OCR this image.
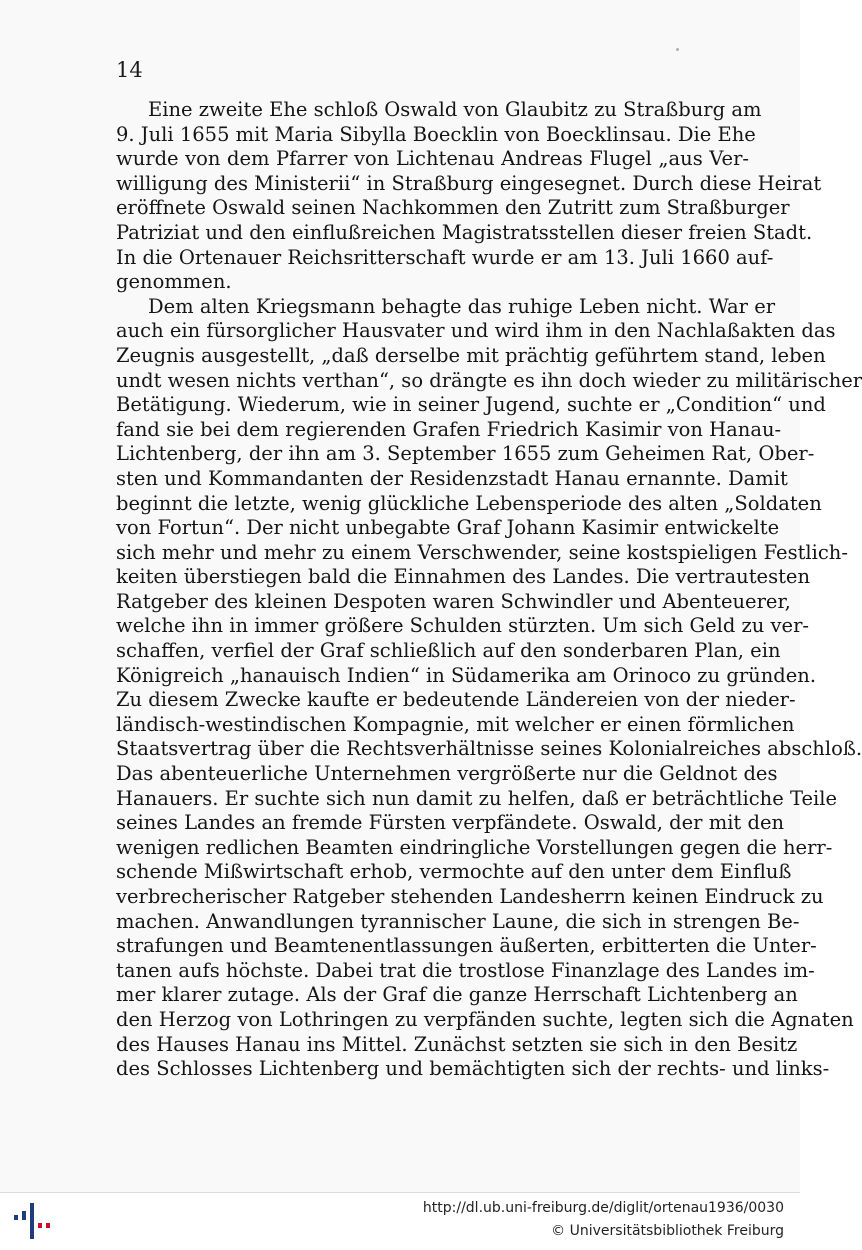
14
Eine zweite Ehe schloß Oswald von Glaubitz zu Straßburg am
9. Juli 1655 mit Maria Sibylla Boecklin von Boecklinsau. Die Ehe
wurde von dem Pfarrer von Lichtenau Andreas Flugel „aus Ver-
willigung des Ministerii“ in Straßburg eingesegnet. Durch diese Heirat
eröffnete Oswald seinen Nachkommen den Zutritt zum Straßburger
Patriziat und den einflußreichen Magistratsstellen dieser freien Stadt.
In die Ortenauer Reichsritterschaft wurde er am 13. Juli 1660 auf-
genommen.
Dem alten Kriegsmann behagte das ruhige Leben nicht. War er
auch ein fürsorglicher Hausvater und wird ihm in den Nachlaßakten das
Zeugnis ausgestellt, „daß derselbe mit prächtig geführtem stand, leben
undt wesen nichts verthan“, so drängte es ihn doch wieder zu militärischer
Betätigung. Wiederum, wie in seiner Jugend, suchte er „Condition“ und
fand sie bei dem regierenden Grafen Friedrich Kasimir von Hanau-
Lichtenberg, der ihn am 3. September 1655 zum Geheimen Rat, Ober-
sten und Kommandanten der Residenzstadt Hanau ernannte. Damit
beginnt die letzte, wenig glückliche Lebensperiode des alten „Soldaten
von Fortun“. Der nicht unbegabte Graf Johann Kasimir entwickelte
sich mehr und mehr zu einem Verschwender, seine kostspieligen Festlich-
keiten überstiegen bald die Einnahmen des Landes. Die vertrautesten
Ratgeber des kleinen Despoten waren Schwindler und Abenteuerer,
welche ihn in immer größere Schulden stürzten. Um sich Geld zu ver-
schaffen, verfiel der Graf schließlich auf den sonderbaren Plan, ein
Königreich „hanauisch Indien“ in Südamerika am Orinoco zu gründen.
Zu diesem Zwecke kaufte er bedeutende Ländereien von der nieder-
ländisch-westindischen Kompagnie, mit welcher er einen förmlichen
Staatsvertrag über die Rechtsverhältnisse seines Kolonialreiches abschloß.
Das abenteuerliche Unternehmen vergrößerte nur die Geldnot des
Hanauers. Er suchte sich nun damit zu helfen, daß er beträchtliche Teile
seines Landes an fremde Fürsten verpfändete. Oswald, der mit den
wenigen redlichen Beamten eindringliche Vorstellungen gegen die herr-
schende Mißwirtschaft erhob, vermochte auf den unter dem Einfluß
verbrecherischer Ratgeber stehenden Landesherrn keinen Eindruck zu
machen. Anwandlungen tyrannischer Laune, die sich in strengen Be-
strafungen und Beamtenentlassungen äußerten, erbitterten die Unter-
tanen aufs höchste. Dabei trat die trostlose Finanzlage des Landes im-
mer klarer zutage. Als der Graf die ganze Herrschaft Lichtenberg an
den Herzog von Lothringen zu verpfänden suchte, legten sich die Agnaten
des Hauses Hanau ins Mittel. Zunächst setzten sie sich in den Besitz
des Schlosses Lichtenberg und bemächtigten sich der rechts- und links-
http://dl.ub.uni-freiburg.de/diglit/ortenau1936/0030
© Universitätsbibliothek Freiburg
